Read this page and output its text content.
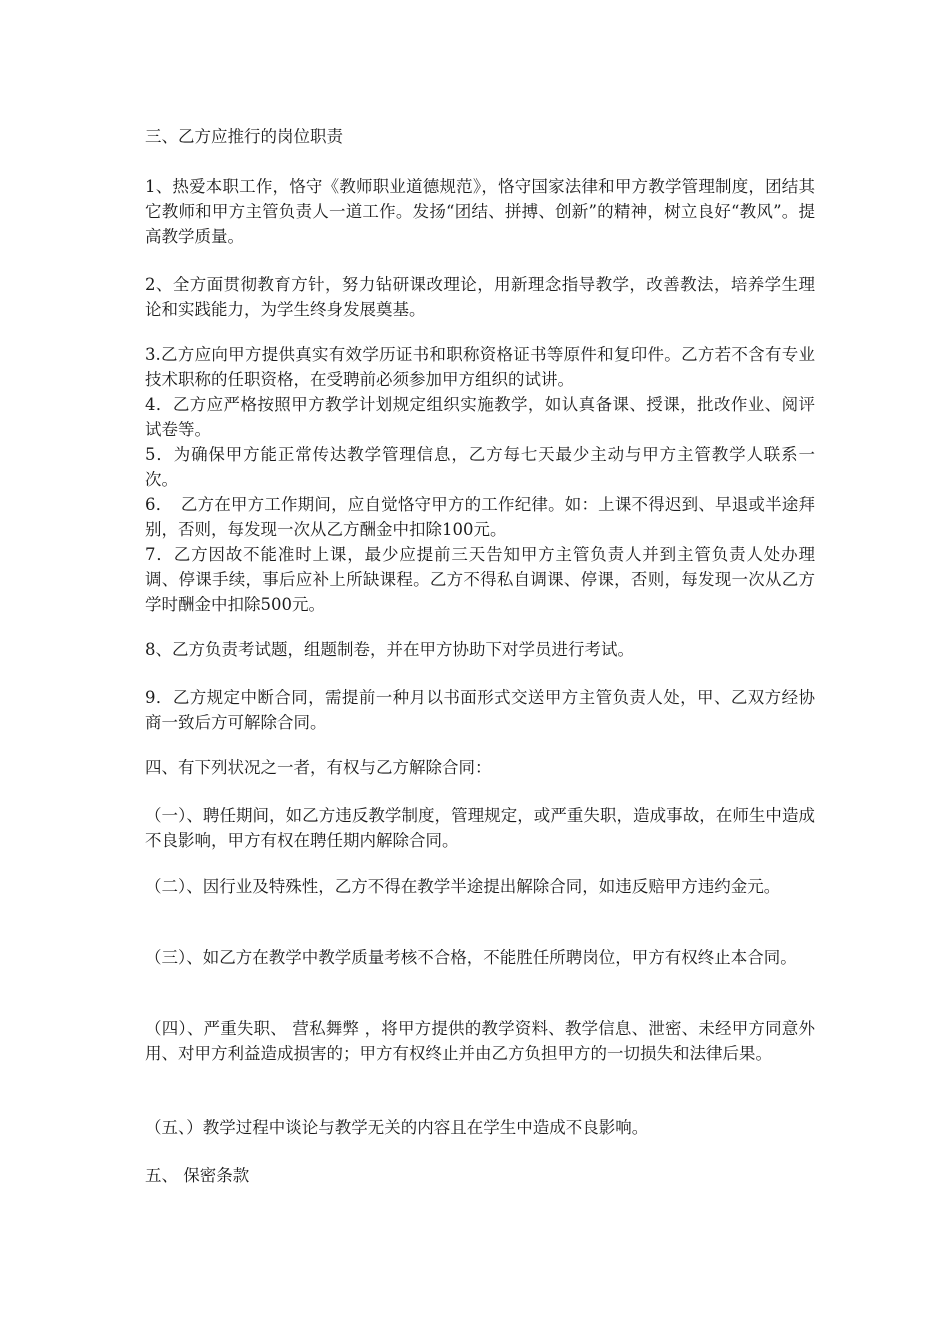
三、乙方应推行的岗位职责

1、热爱本职工作，恪守《教师职业道德规范》，恪守国家法律和甲方教学管理制度，团结其它教师和甲方主管负责人一道工作。发扬“团结、拼搏、创新”的精神，树立良好“教风”。提高教学质量。

2、全方面贯彻教育方针，努力钻研课改理论，用新理念指导教学，改善教法，培养学生理论和实践能力，为学生终身发展奠基。

3.乙方应向甲方提供真实有效学历证书和职称资格证书等原件和复印件。乙方若不含有专业技术职称的任职资格，在受聘前必须参加甲方组织的试讲。

4．乙方应严格按照甲方教学计划规定组织实施教学，如认真备课、授课，批改作业、阅评试卷等。

5．为确保甲方能正常传达教学管理信息，乙方每七天最少主动与甲方主管教学人联系一次。

6．　乙方在甲方工作期间，应自觉恪守甲方的工作纪律。如：上课不得迟到、早退或半途拜别，否则，每发现一次从乙方酬金中扣除100元。

7．乙方因故不能准时上课，最少应提前三天告知甲方主管负责人并到主管负责人处办理调、停课手续，事后应补上所缺课程。乙方不得私自调课、停课，否则，每发现一次从乙方学时酬金中扣除500元。

8、乙方负责考试题，组题制卷，并在甲方协助下对学员进行考试。

9．乙方规定中断合同，需提前一种月以书面形式交送甲方主管负责人处，甲、乙双方经协商一致后方可解除合同。

四、有下列状况之一者，有权与乙方解除合同：

（一）、聘任期间，如乙方违反教学制度，管理规定，或严重失职，造成事故，在师生中造成不良影响，甲方有权在聘任期内解除合同。

（二）、因行业及特殊性，乙方不得在教学半途提出解除合同，如违反赔甲方违约金元。

（三）、如乙方在教学中教学质量考核不合格，不能胜任所聘岗位，甲方有权终止本合同。

（四）、严重失职、 营私舞弊 ，将甲方提供的教学资料、教学信息、泄密、未经甲方同意外用、对甲方利益造成损害的；甲方有权终止并由乙方负担甲方的一切损失和法律后果。

（五、）教学过程中谈论与教学无关的内容且在学生中造成不良影响。

五、 保密条款
